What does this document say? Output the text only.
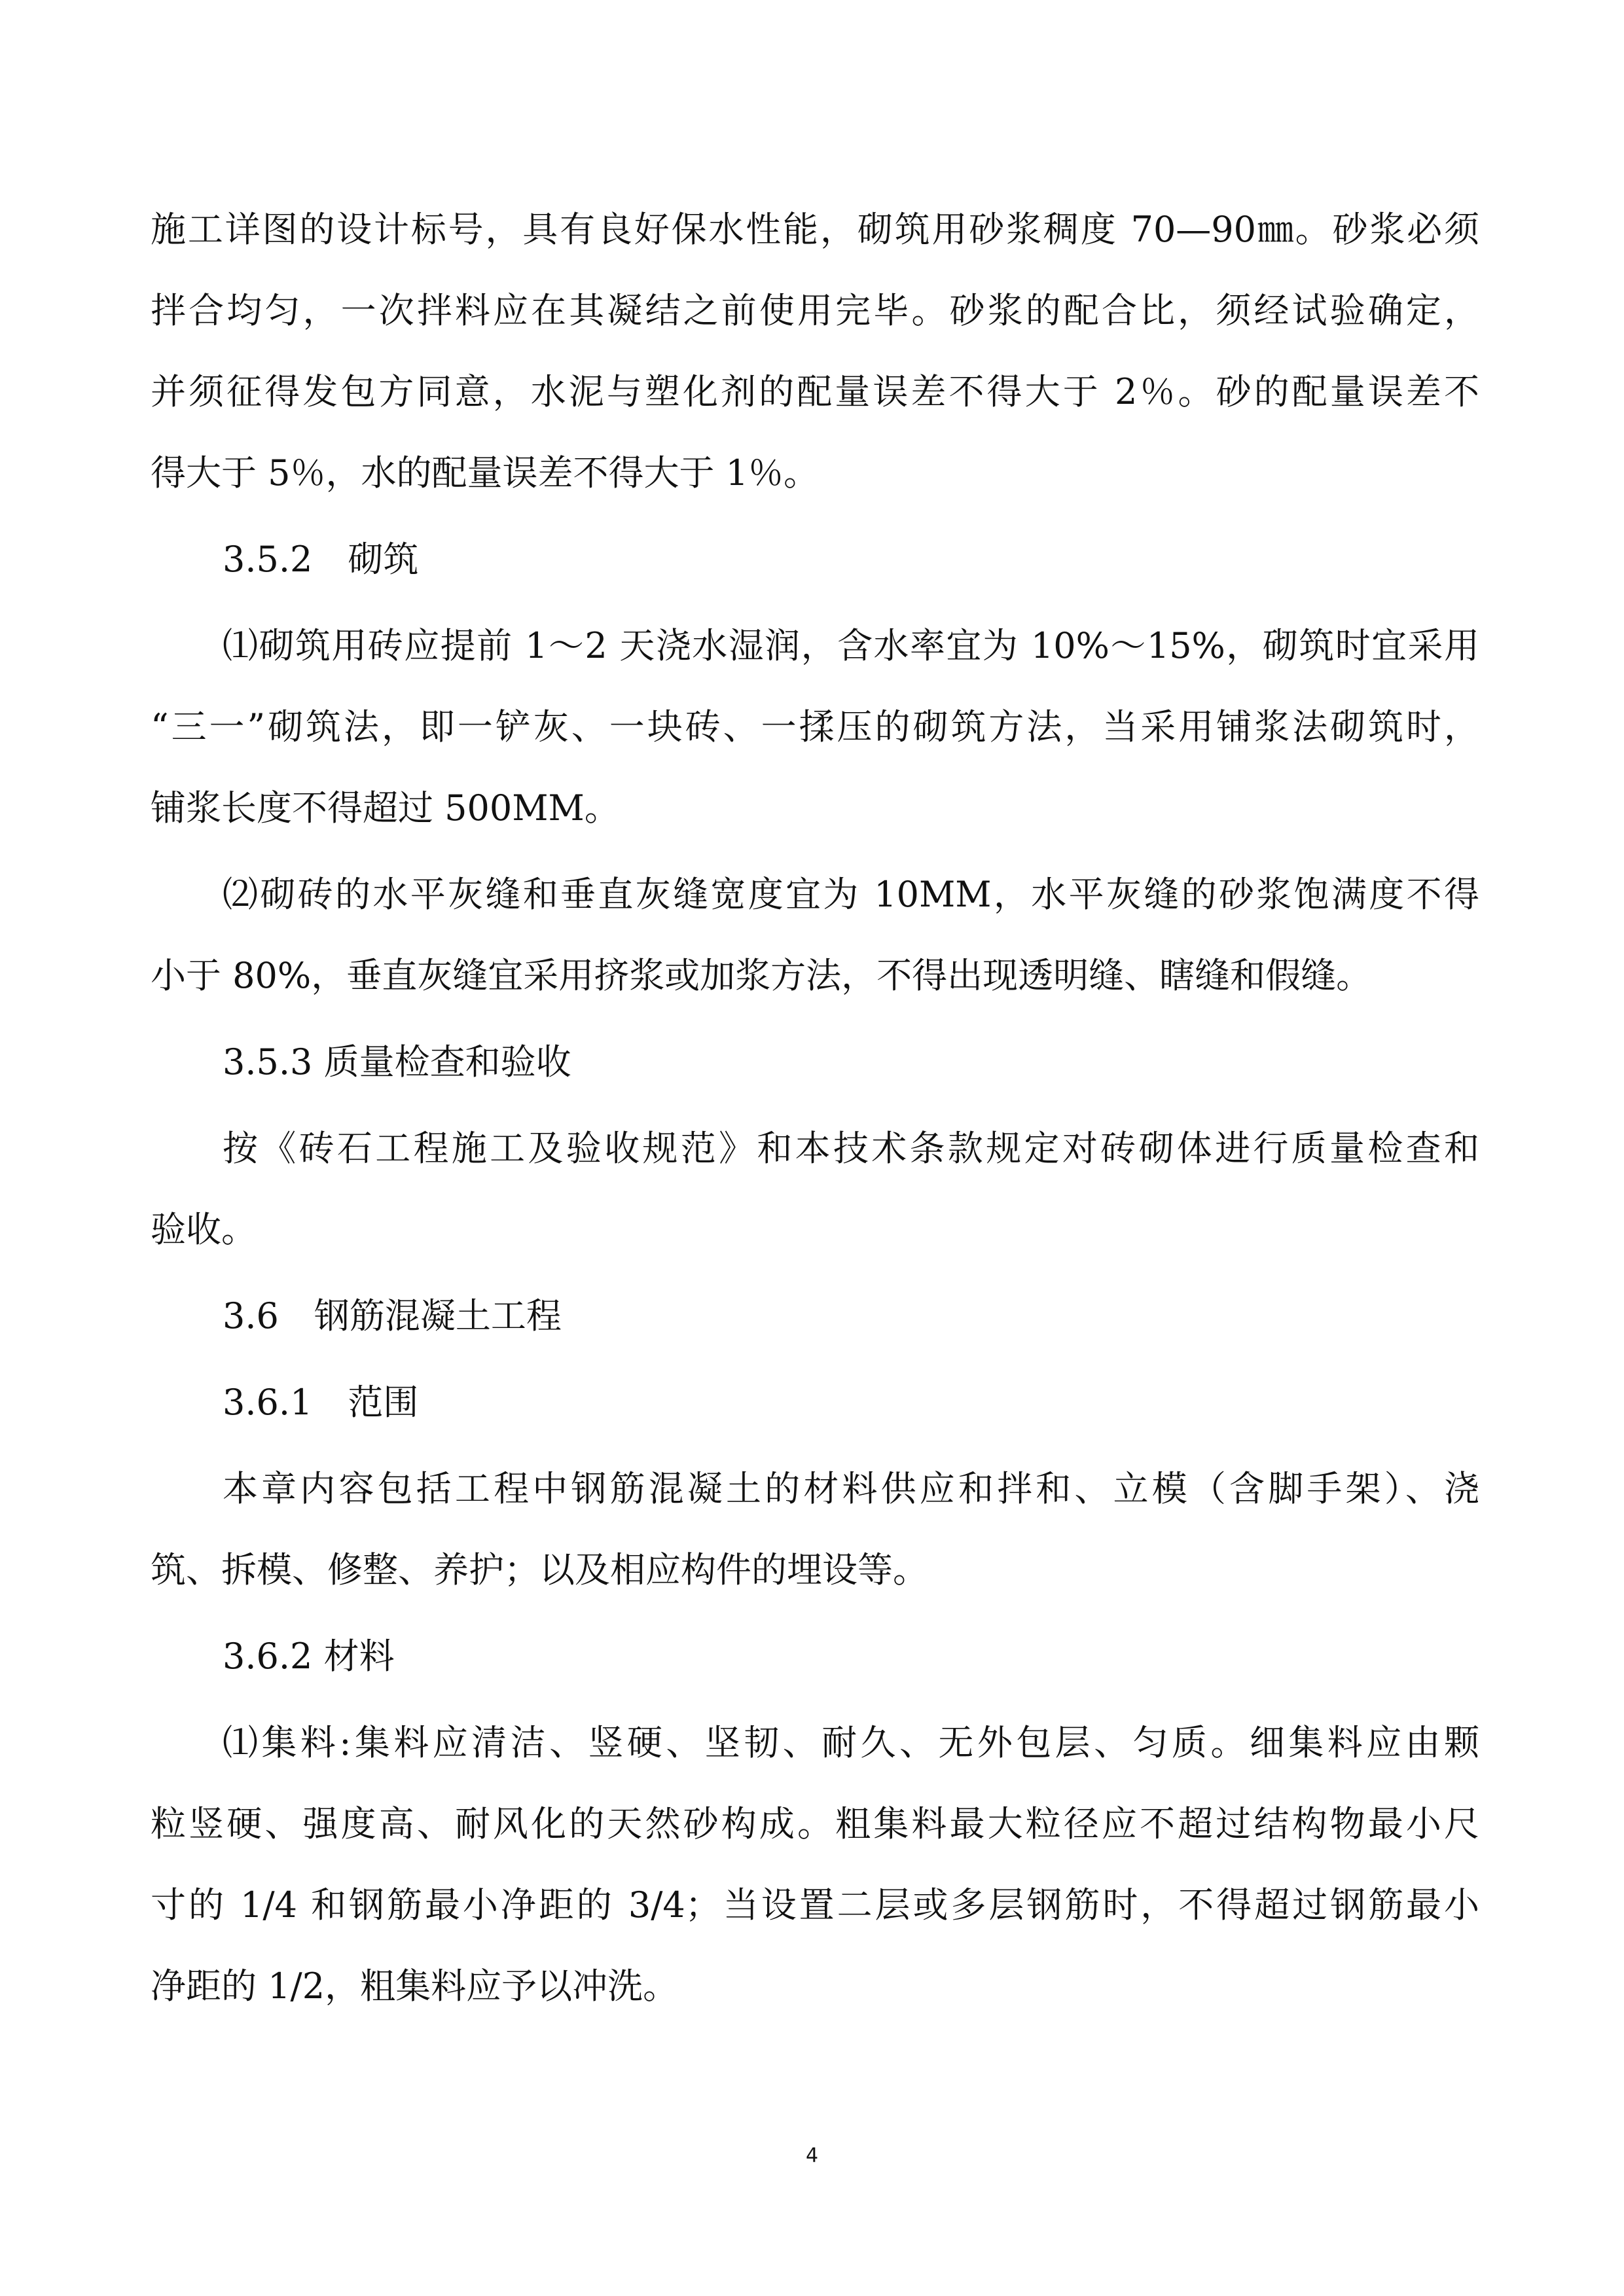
施工详图的设计标号，具有良好保水性能，砌筑用砂浆稠度 70—90㎜。砂浆必须
拌合均匀，一次拌料应在其凝结之前使用完毕。砂浆的配合比，须经试验确定，
并须征得发包方同意，水泥与塑化剂的配量误差不得大于 2％。砂的配量误差不
得大于 5％，水的配量误差不得大于 1％。
3.5.2　砌筑
⑴砌筑用砖应提前 1～2 天浇水湿润，含水率宜为 10%～15%，砌筑时宜采用
“三一”砌筑法，即一铲灰、一块砖、一揉压的砌筑方法，当采用铺浆法砌筑时，
铺浆长度不得超过 500MM。
⑵砌砖的水平灰缝和垂直灰缝宽度宜为 10MM，水平灰缝的砂浆饱满度不得
小于 80%，垂直灰缝宜采用挤浆或加浆方法，不得出现透明缝、瞎缝和假缝。
3.5.3 质量检查和验收
按《砖石工程施工及验收规范》和本技术条款规定对砖砌体进行质量检查和
验收。
3.6　钢筋混凝土工程
3.6.1　范围
本章内容包括工程中钢筋混凝土的材料供应和拌和、立模（含脚手架）、浇
筑、拆模、修整、养护；以及相应构件的埋设等。
3.6.2 材料
⑴集料:集料应清洁、竖硬、坚韧、耐久、无外包层、匀质。细集料应由颗
粒竖硬、强度高、耐风化的天然砂构成。粗集料最大粒径应不超过结构物最小尺
寸的 1/4 和钢筋最小净距的 3/4；当设置二层或多层钢筋时，不得超过钢筋最小
净距的 1/2，粗集料应予以冲洗。
4
